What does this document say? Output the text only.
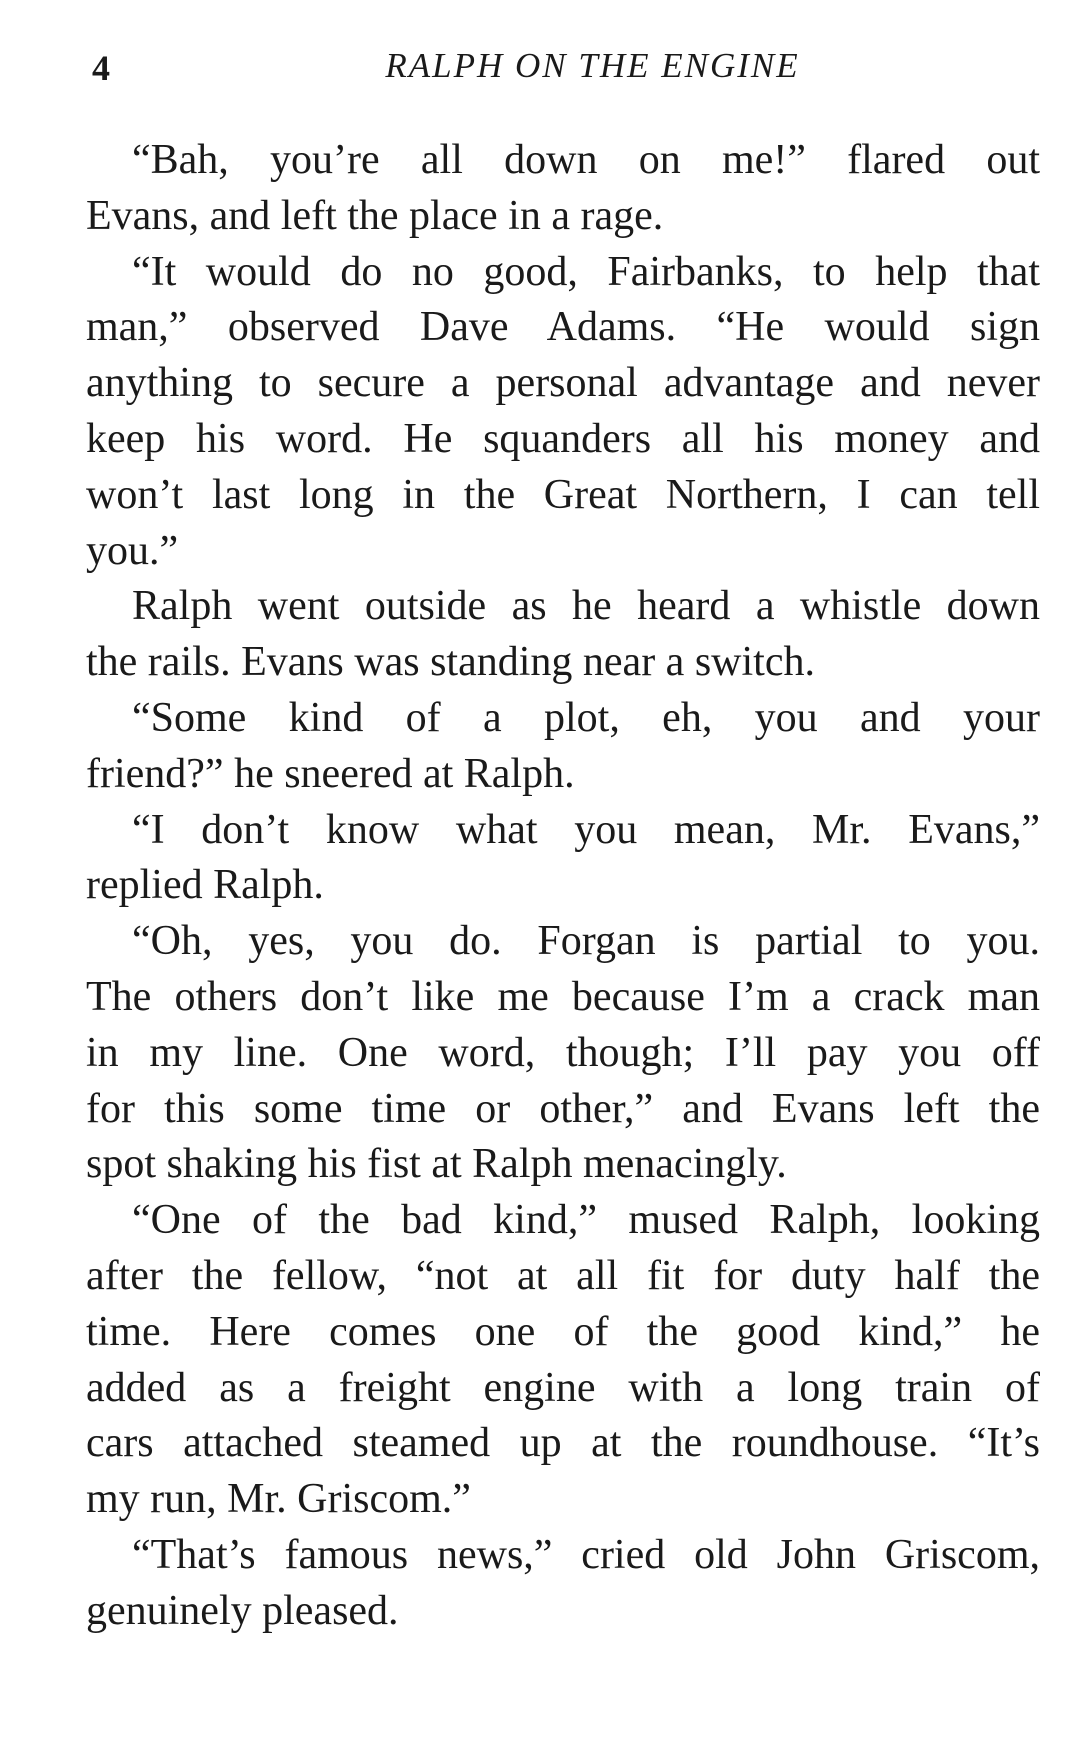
4	RALPH ON THE ENGINE
“Bah, you’re all down on me!” flared out
Evans, and left the place in a rage.
“It would do no good, Fairbanks, to help that
man,” observed Dave Adams. “He would sign
anything to secure a personal advantage and never
keep his word. He squanders all his money and
won’t last long in the Great Northern, I can tell
you.”
Ralph went outside as he heard a whistle down
the rails. Evans was standing near a switch.
“Some kind of a plot, eh, you and your
friend?” he sneered at Ralph.
“I don’t know what you mean, Mr. Evans,”
replied Ralph.
“Oh, yes, you do. Forgan is partial to you.
The others don’t like me because I’m a crack man
in my line. One word, though; I’ll pay you off
for this some time or other,” and Evans left the
spot shaking his fist at Ralph menacingly.
“One of the bad kind,” mused Ralph, looking
after the fellow, “not at all fit for duty half the
time. Here comes one of the good kind,” he
added as a freight engine with a long train of
cars attached steamed up at the roundhouse. “It’s
my run, Mr. Griscom.”
“That’s famous news,” cried old John Griscom,
genuinely pleased.
